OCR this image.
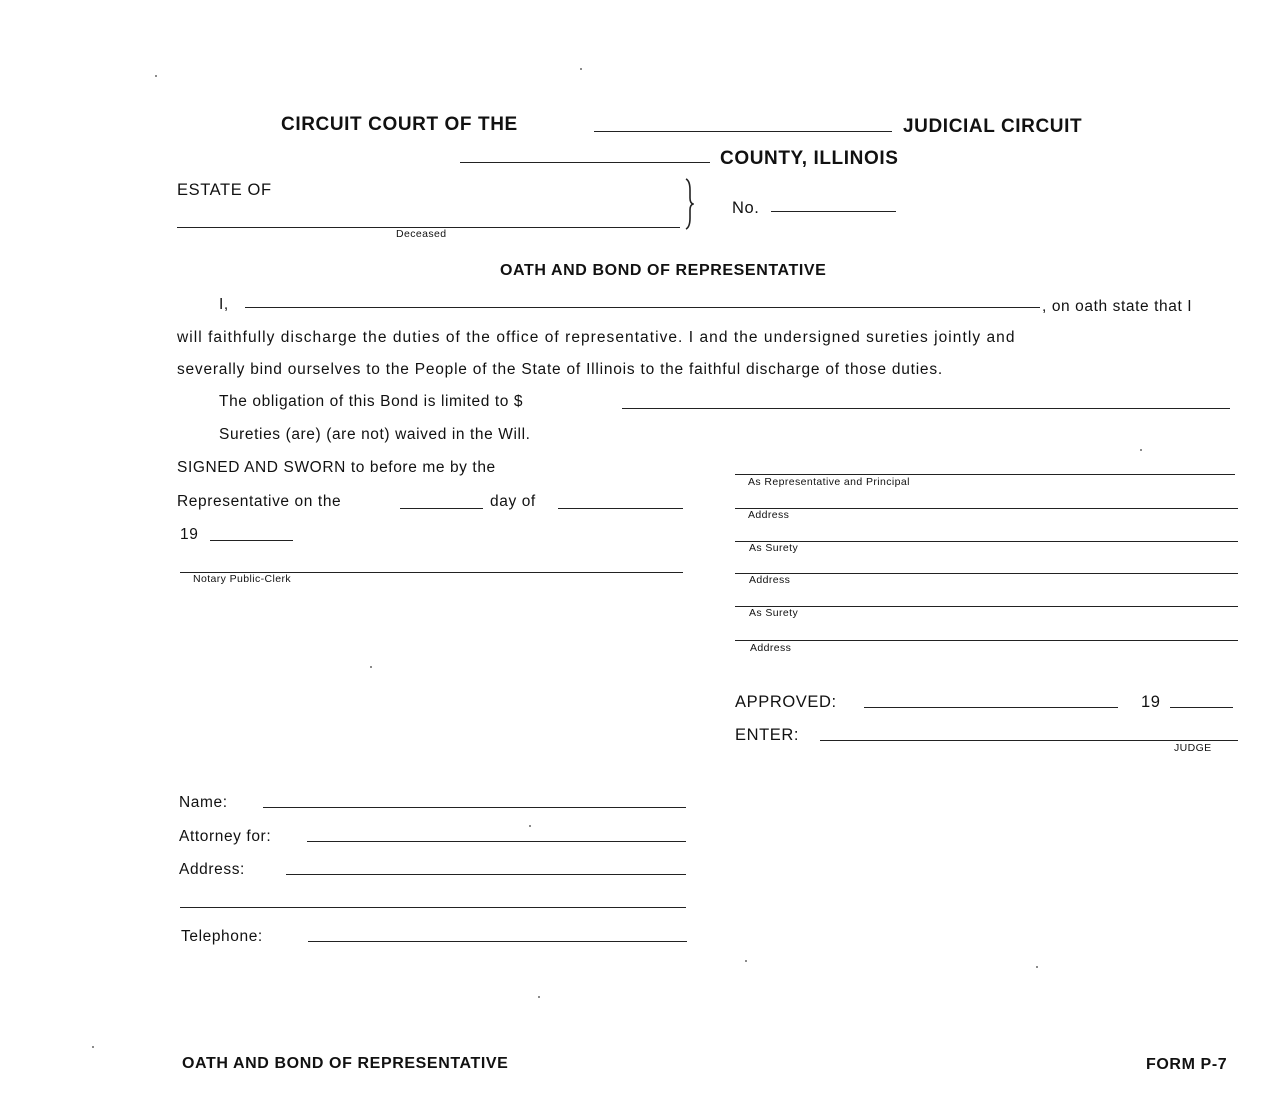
CIRCUIT COURT OF THE	JUDICIAL CIRCUIT
COUNTY, ILLINOIS
ESTATE OF
Deceased
No.
OATH AND BOND OF REPRESENTATIVE
I,	, on oath state that I
will faithfully discharge the duties of the office of representative. I and the undersigned sureties jointly and
severally bind ourselves to the People of the State of Illinois to the faithful discharge of those duties.
The obligation of this Bond is limited to $
Sureties (are) (are not) waived in the Will.
SIGNED AND SWORN to before me by the
Representative on the	day of
19
Notary Public-Clerk
As Representative and Principal
Address
As Surety
Address
As Surety
Address
APPROVED:	19
ENTER:
JUDGE
Name:
Attorney for:
Address:
Telephone:
OATH AND BOND OF REPRESENTATIVE	FORM P-7
